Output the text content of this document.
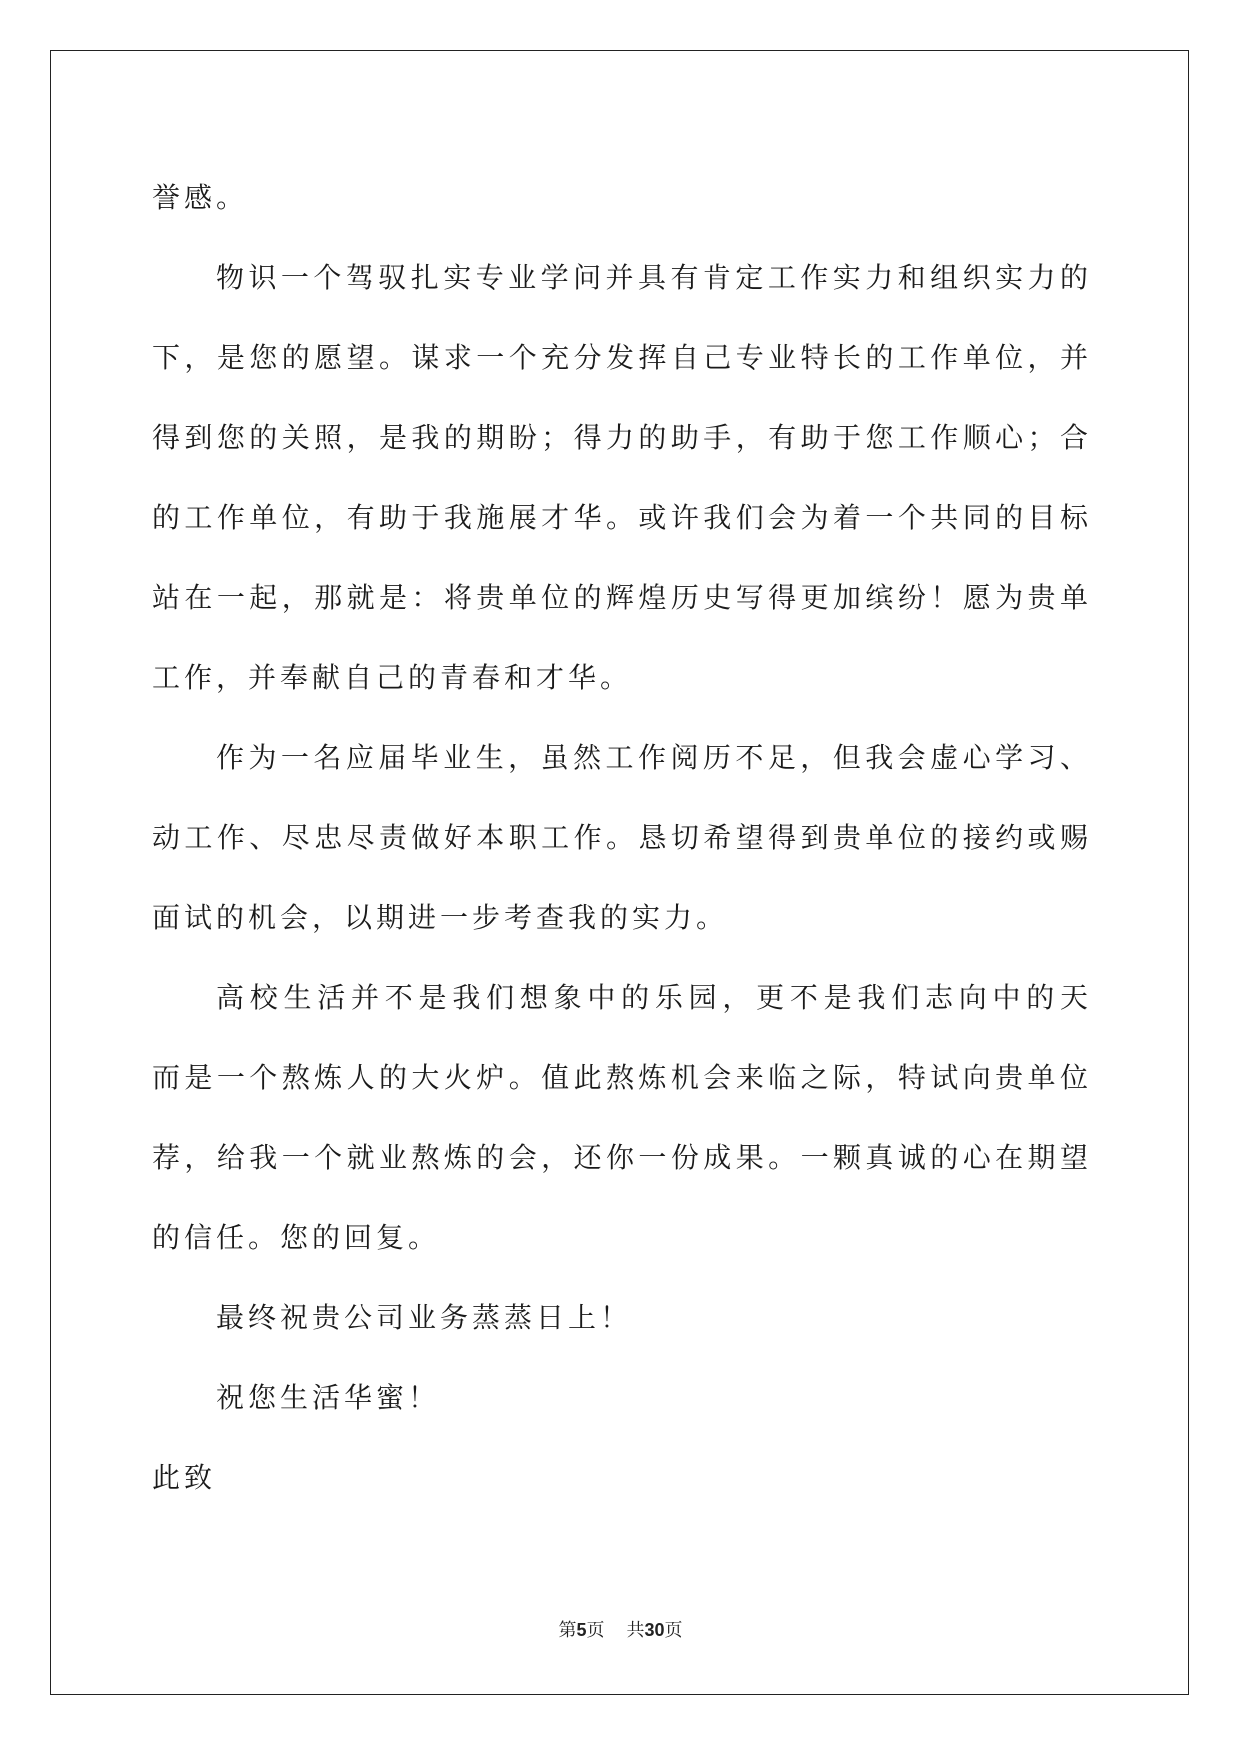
誉感。
物识一个驾驭扎实专业学问并具有肯定工作实力和组织实力的
下，是您的愿望。谋求一个充分发挥自己专业特长的工作单位，并
得到您的关照，是我的期盼；得力的助手，有助于您工作顺心；合
的工作单位，有助于我施展才华。或许我们会为着一个共同的目标
站在一起，那就是：将贵单位的辉煌历史写得更加缤纷！愿为贵单
工作，并奉献自己的青春和才华。
作为一名应届毕业生，虽然工作阅历不足，但我会虚心学习、
动工作、尽忠尽责做好本职工作。恳切希望得到贵单位的接约或赐
面试的机会，以期进一步考查我的实力。
高校生活并不是我们想象中的乐园，更不是我们志向中的天
而是一个熬炼人的大火炉。值此熬炼机会来临之际，特试向贵单位
荐，给我一个就业熬炼的会，还你一份成果。一颗真诚的心在期望
的信任。您的回复。
最终祝贵公司业务蒸蒸日上！
祝您生活华蜜！
此致
第5页 共30页
